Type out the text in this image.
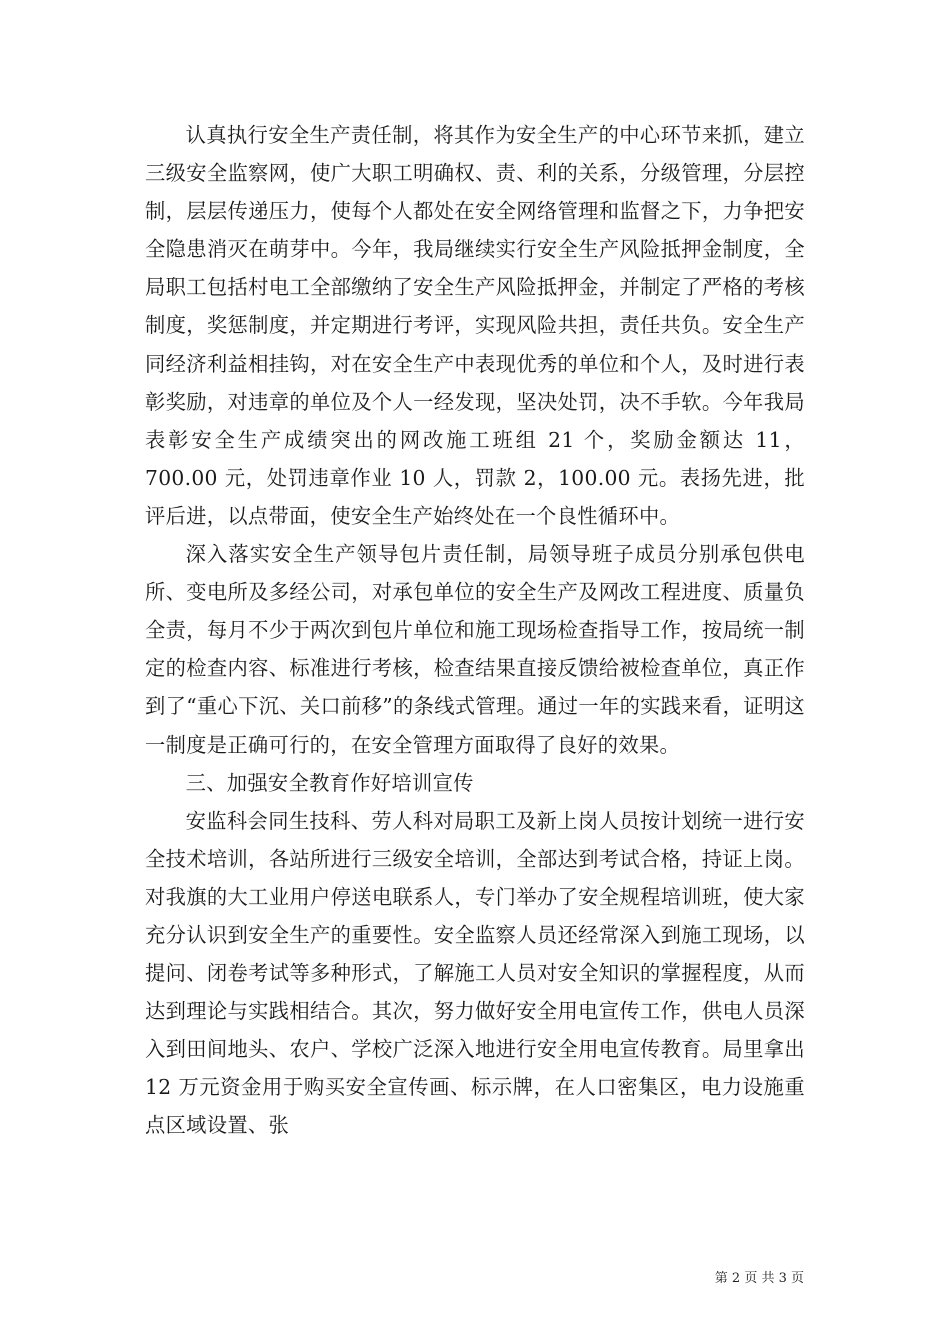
认真执行安全生产责任制，将其作为安全生产的中心环节来抓，建立三级安全监察网，使广大职工明确权、责、利的关系，分级管理，分层控制，层层传递压力，使每个人都处在安全网络管理和监督之下，力争把安全隐患消灭在萌芽中。今年，我局继续实行安全生产风险抵押金制度，全局职工包括村电工全部缴纳了安全生产风险抵押金，并制定了严格的考核制度，奖惩制度，并定期进行考评，实现风险共担，责任共负。安全生产同经济利益相挂钩，对在安全生产中表现优秀的单位和个人，及时进行表彰奖励，对违章的单位及个人一经发现，坚决处罚，决不手软。今年我局表彰安全生产成绩突出的网改施工班组 21 个，奖励金额达 11，700.00 元，处罚违章作业 10 人，罚款 2，100.00 元。表扬先进，批评后进，以点带面，使安全生产始终处在一个良性循环中。

深入落实安全生产领导包片责任制，局领导班子成员分别承包供电所、变电所及多经公司，对承包单位的安全生产及网改工程进度、质量负全责，每月不少于两次到包片单位和施工现场检查指导工作，按局统一制定的检查内容、标准进行考核，检查结果直接反馈给被检查单位，真正作到了“重心下沉、关口前移”的条线式管理。通过一年的实践来看，证明这一制度是正确可行的，在安全管理方面取得了良好的效果。

三、加强安全教育作好培训宣传

安监科会同生技科、劳人科对局职工及新上岗人员按计划统一进行安全技术培训，各站所进行三级安全培训，全部达到考试合格，持证上岗。对我旗的大工业用户停送电联系人，专门举办了安全规程培训班，使大家充分认识到安全生产的重要性。安全监察人员还经常深入到施工现场，以提问、闭卷考试等多种形式，了解施工人员对安全知识的掌握程度，从而达到理论与实践相结合。其次，努力做好安全用电宣传工作，供电人员深入到田间地头、农户、学校广泛深入地进行安全用电宣传教育。局里拿出 12 万元资金用于购买安全宣传画、标示牌，在人口密集区，电力设施重点区域设置、张

第 2 页 共 3 页
